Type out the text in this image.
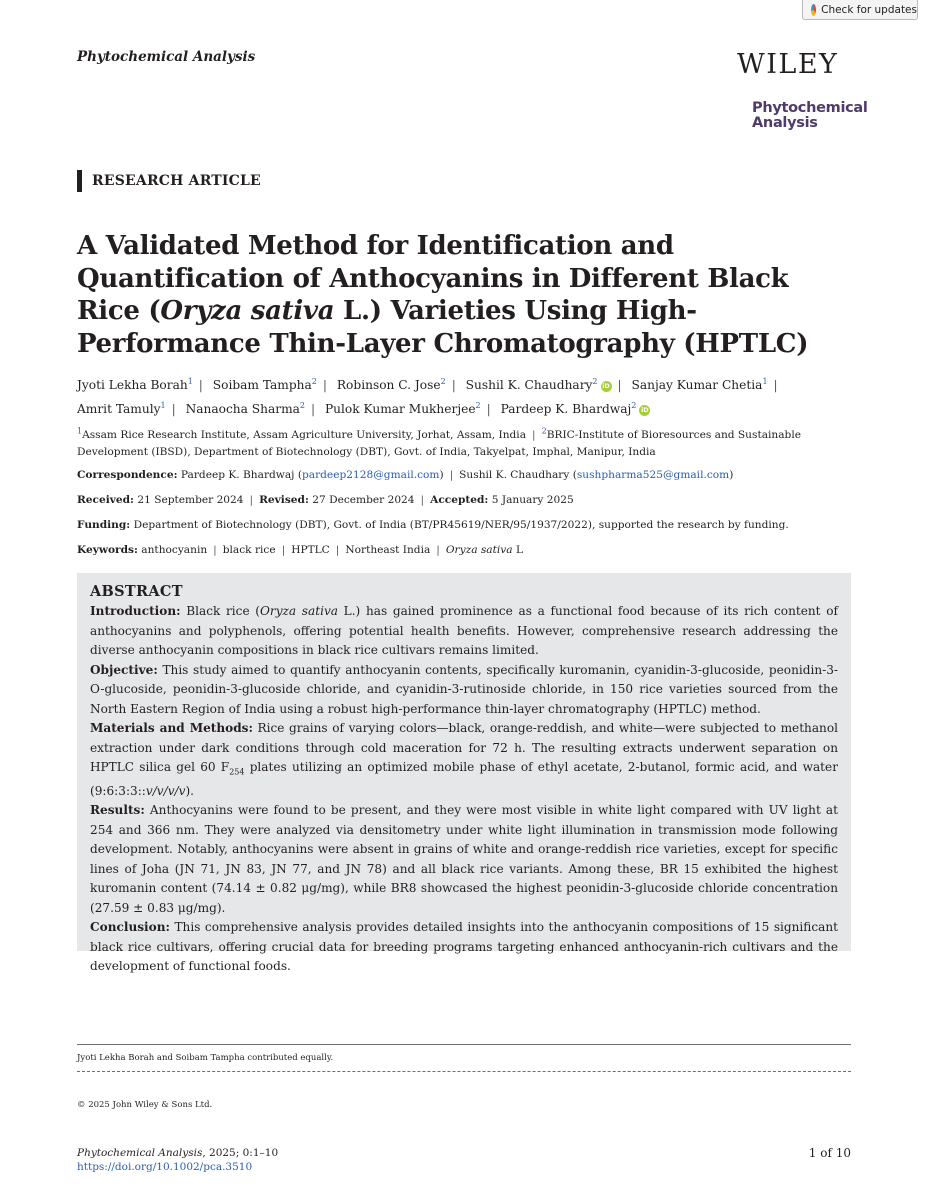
Check for updates
Phytochemical Analysis	WILEY
Phytochemical
Analysis
RESEARCH ARTICLE
A Validated Method for Identification and Quantification of Anthocyanins in Different Black Rice (Oryza sativa L.) Varieties Using High-Performance Thin-Layer Chromatography (HPTLC)
Jyoti Lekha Borah$^1$ | Soibam Tampha$^2$ | Robinson C. Jose$^2$ | Sushil K. Chaudhary$^2$iD | Sanjay Kumar Chetia$^1$ | Amrit Tamuly$^1$ | Nanaocha Sharma$^2$ | Pulok Kumar Mukherjee$^2$ | Pardeep K. Bhardwaj$^2$iD
$^1$Assam Rice Research Institute, Assam Agriculture University, Jorhat, Assam, India | $^2$BRIC-Institute of Bioresources and Sustainable Development (IBSD), Department of Biotechnology (DBT), Govt. of India, Takyelpat, Imphal, Manipur, India
Correspondence: Pardeep K. Bhardwaj (pardeep2128@gmail.com) | Sushil K. Chaudhary (sushpharma525@gmail.com)
Received: 21 September 2024 | Revised: 27 December 2024 | Accepted: 5 January 2025
Funding: Department of Biotechnology (DBT), Govt. of India (BT/PR45619/NER/95/1937/2022), supported the research by funding.
Keywords: anthocyanin | black rice | HPTLC | Northeast India | Oryza sativa L
ABSTRACT

Introduction: Black rice (Oryza sativa L.) has gained prominence as a functional food because of its rich content of anthocyanins and polyphenols, offering potential health benefits. However, comprehensive research addressing the diverse anthocyanin compositions in black rice cultivars remains limited.

Objective: This study aimed to quantify anthocyanin contents, specifically kuromanin, cyanidin-3-glucoside, peonidin-3-O-glucoside, peonidin-3-glucoside chloride, and cyanidin-3-rutinoside chloride, in 150 rice varieties sourced from the North Eastern Region of India using a robust high-performance thin-layer chromatography (HPTLC) method.

Materials and Methods: Rice grains of varying colors—black, orange-reddish, and white—were subjected to methanol extraction under dark conditions through cold maceration for 72 h. The resulting extracts underwent separation on HPTLC silica gel 60 $F_{254}$ plates utilizing an optimized mobile phase of ethyl acetate, 2-butanol, formic acid, and water (9:6:3:3::v/v/v/v).

Results: Anthocyanins were found to be present, and they were most visible in white light compared with UV light at 254 and 366 nm. They were analyzed via densitometry under white light illumination in transmission mode following development. Notably, anthocyanins were absent in grains of white and orange-reddish rice varieties, except for specific lines of Joha (JN 71, JN 83, JN 77, and JN 78) and all black rice variants. Among these, BR 15 exhibited the highest kuromanin content (74.14 ± 0.82 μg/mg), while BR8 showcased the highest peonidin-3-glucoside chloride concentration (27.59 ± 0.83 μg/mg).

Conclusion: This comprehensive analysis provides detailed insights into the anthocyanin compositions of 15 significant black rice cultivars, offering crucial data for breeding programs targeting enhanced anthocyanin-rich cultivars and the development of functional foods.

Jyoti Lekha Borah and Soibam Tampha contributed equally.
© 2025 John Wiley & Sons Ltd.
Phytochemical Analysis, 2025; 0:1–10
https://doi.org/10.1002/pca.3510
1 of 10
